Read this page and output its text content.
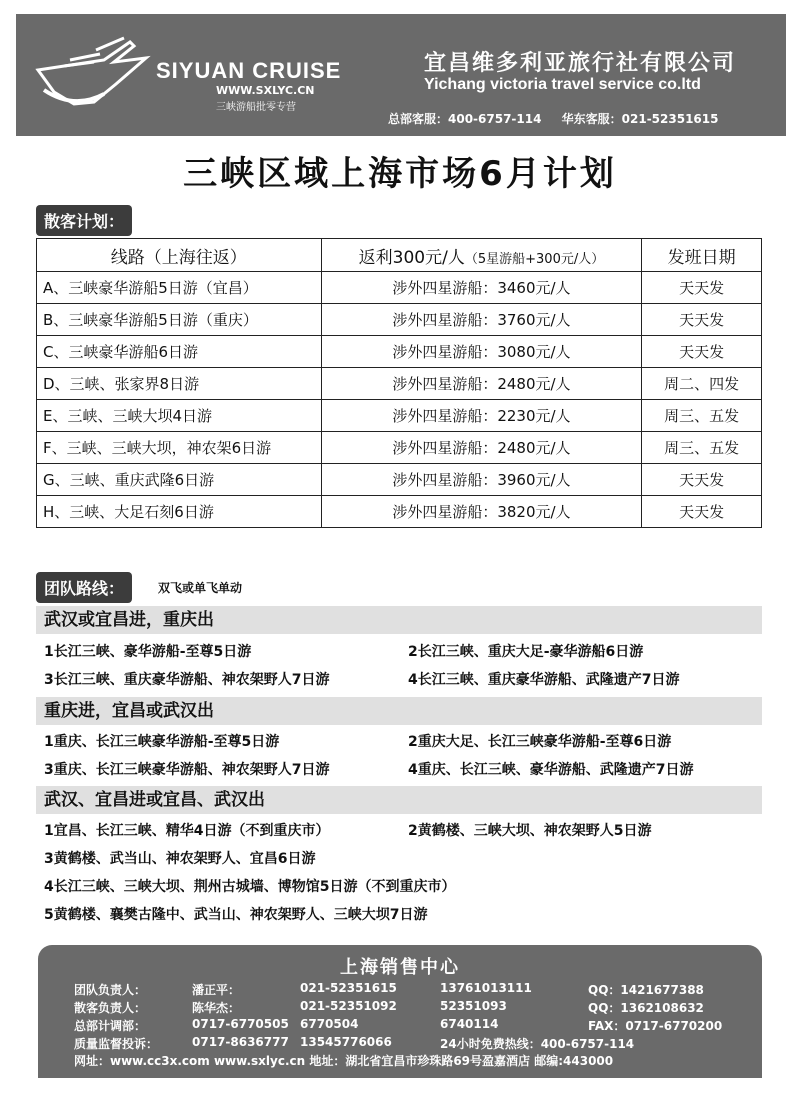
SIYUAN CRUISE
WWW.SXLYC.CN
三峡游船批零专营
宜昌维多利亚旅行社有限公司
Yichang victoria travel service co.ltd
总部客服：400-6757-114 华东客服：021-52351615
三峡区域上海市场6月计划
散客计划：
线路（上海往返）	返利300元/人（5星游船+300元/人）	发班日期
A、三峡豪华游船5日游（宜昌）	涉外四星游船：3460元/人	天天发
B、三峡豪华游船5日游（重庆）	涉外四星游船：3760元/人	天天发
C、三峡豪华游船6日游	涉外四星游船：3080元/人	天天发
D、三峡、张家界8日游	涉外四星游船：2480元/人	周二、四发
E、三峡、三峡大坝4日游	涉外四星游船：2230元/人	周三、五发
F、三峡、三峡大坝，神农架6日游	涉外四星游船：2480元/人	周三、五发
G、三峡、重庆武隆6日游	涉外四星游船：3960元/人	天天发
H、三峡、大足石刻6日游	涉外四星游船：3820元/人	天天发
团队路线：	双飞或单飞单动
武汉或宜昌进，重庆出
1长江三峡、豪华游船-至尊5日游	2长江三峡、重庆大足-豪华游船6日游
3长江三峡、重庆豪华游船、神农架野人7日游	4长江三峡、重庆豪华游船、武隆遗产7日游
重庆进，宜昌或武汉出
1重庆、长江三峡豪华游船-至尊5日游	2重庆大足、长江三峡豪华游船-至尊6日游
3重庆、长江三峡豪华游船、神农架野人7日游	4重庆、长江三峡、豪华游船、武隆遗产7日游
武汉、宜昌进或宜昌、武汉出
1宜昌、长江三峡、精华4日游（不到重庆市）	2黄鹤楼、三峡大坝、神农架野人5日游
3黄鹤楼、武当山、神农架野人、宜昌6日游
4长江三峡、三峡大坝、荆州古城墙、博物馆5日游（不到重庆市）
5黄鹤楼、襄樊古隆中、武当山、神农架野人、三峡大坝7日游
上海销售中心
团队负责人：	潘正平：	021-52351615	13761013111	QQ：1421677388
散客负责人：	陈华杰：	021-52351092	52351093	QQ：1362108632
总部计调部：	0717-6770505 6770504	6740114	FAX：0717-6770200
质量监督投诉：	0717-8636777 13545776066	24小时免费热线：400-6757-114
网址：www.cc3x.com www.sxlyc.cn 地址：湖北省宜昌市珍珠路69号盈嘉酒店 邮编:443000
